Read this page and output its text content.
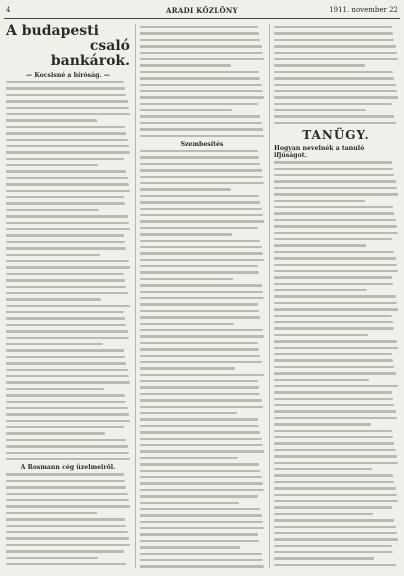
4	ARADI KÖZLÖNY	1911. november 22
A budapesti
csaló bankárok.
— Kocsisné a bíróság. —
A Rosmann cég üzelmeiről.
Szembesítés
TANÜGY.
Hogyan nevelnék a tanuló ifjúságot.
